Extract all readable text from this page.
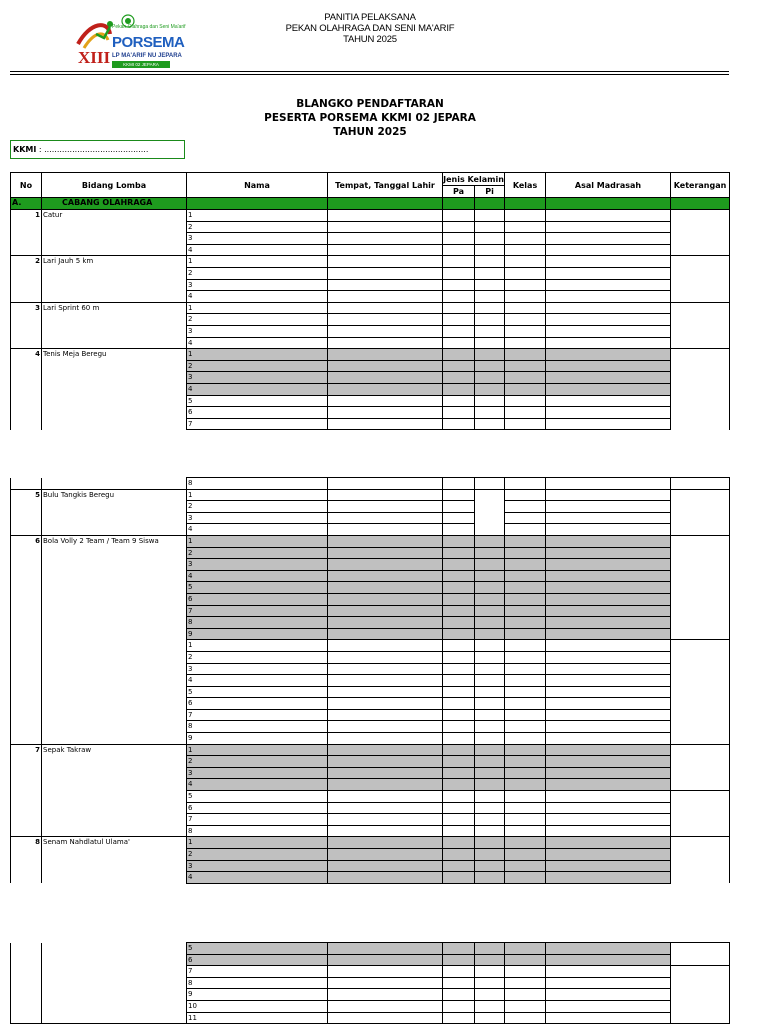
Pekan Olahraga dan Seni Ma'arif
PORSEMA
XIII LP MA'ARIF NU JEPARA
KKMI 02 JEPARA
PANITIA PELAKSANA
PEKAN OLAHRAGA DAN SENI MA'ARIF
TAHUN 2025
BLANGKO PENDAFTARAN
PESERTA PORSEMA KKMI 02 JEPARA
TAHUN 2025
KKMI : .........................................
No	Bidang Lomba	Nama	Tempat, Tanggal Lahir	Jenis Kelamin		Kelas	Asal Madrasah	Keterangan
				Pa	Pi			
A.	CABANG OLAHRAGA							
1	Catur	1						
		2						
		3						
		4						
2	Lari Jauh 5 km	1						
		2						
		3						
		4						
3	Lari Sprint 60 m	1						
		2						
		3						
		4						
4	Tenis Meja Beregu	1						
		2						
		3						
		4						
		5						
		6						
		7						
		8						
5	Bulu Tangkis Beregu	1						
		2						
		3						
		4						
6	Bola Volly 2 Team / Team 9 Siswa	1						
		2						
		3						
		4						
		5						
		6						
		7						
		8						
		9						
		1						
		2						
		3						
		4						
		5						
		6						
		7						
		8						
		9						
7	Sepak Takraw	1						
		2						
		3						
		4						
		5						
		6						
		7						
		8						
8	Senam Nahdlatul Ulama'	1						
		2						
		3						
		4						
		5						
		6						
		7						
		8						
		9						
		10						
		11						
